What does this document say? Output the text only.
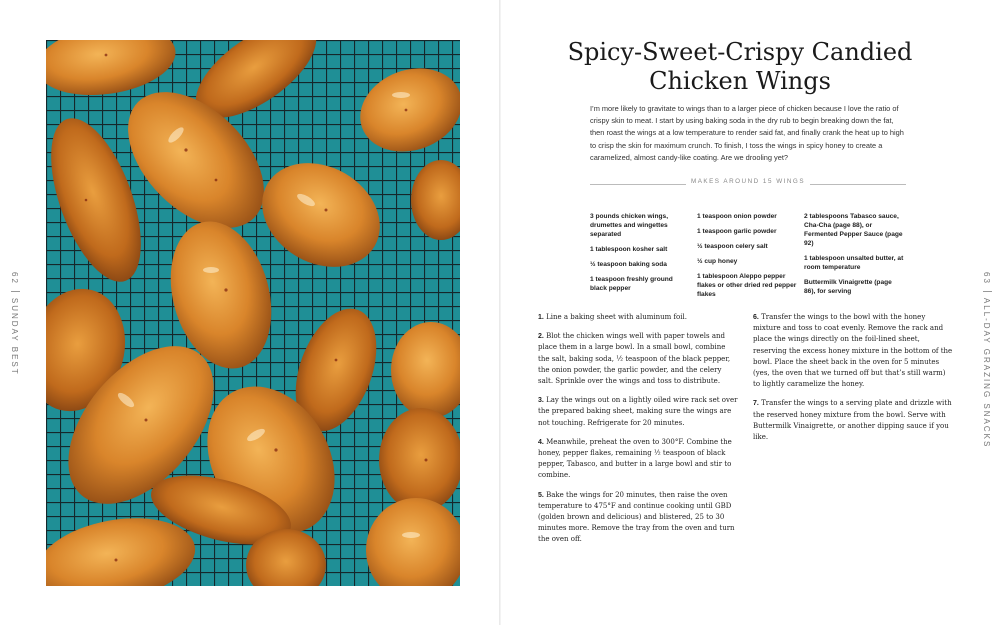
62SUNDAY BEST
Spicy-Sweet-Crispy Candied Chicken Wings

I’m more likely to gravitate to wings than to a larger piece of chicken because I love the ratio of crispy skin to meat. I start by using baking soda in the dry rub to begin breaking down the fat, then roast the wings at a low temperature to render said fat, and finally crank the heat up to high to crisp the skin for maximum crunch. To finish, I toss the wings in spicy honey to create a caramelized, almost candy-like coating. Are we drooling yet?

MAKES AROUND 15 WINGS

3 pounds chicken wings, drumettes and wingettes separated

1 tablespoon kosher salt

½ teaspoon baking soda

1 teaspoon freshly ground black pepper

1 teaspoon onion powder

1 teaspoon garlic powder

½ teaspoon celery salt

½ cup honey

1 tablespoon Aleppo pepper flakes or other dried red pepper flakes

2 tablespoons Tabasco sauce, Cha-Cha (page 88), or Fermented Pepper Sauce (page 92)

1 tablespoon unsalted butter, at room temperature

Buttermilk Vinaigrette (page 86), for serving

1. Line a baking sheet with aluminum foil.

2. Blot the chicken wings well with paper towels and place them in a large bowl. In a small bowl, combine the salt, baking soda, ½ teaspoon of the black pepper, the onion powder, the garlic powder, and the celery salt. Sprinkle over the wings and toss to distribute.

3. Lay the wings out on a lightly oiled wire rack set over the prepared baking sheet, making sure the wings are not touching. Refrigerate for 20 minutes.

4. Meanwhile, preheat the oven to 300°F. Combine the honey, pepper flakes, remaining ½ teaspoon of black pepper, Tabasco, and butter in a large bowl and stir to combine.

5. Bake the wings for 20 minutes, then raise the oven temperature to 475°F and continue cooking until GBD (golden brown and delicious) and blistered, 25 to 30 minutes more. Remove the tray from the oven and turn the oven off.

6. Transfer the wings to the bowl with the honey mixture and toss to coat evenly. Remove the rack and place the wings directly on the foil-lined sheet, reserving the excess honey mixture in the bottom of the bowl. Place the sheet back in the oven for 5 minutes (yes, the oven that we turned off but that’s still warm) to lightly caramelize the honey.

7. Transfer the wings to a serving plate and drizzle with the reserved honey mixture from the bowl. Serve with Buttermilk Vinaigrette, or another dipping sauce if you like.

63ALL-DAY GRAZING SNACKS
